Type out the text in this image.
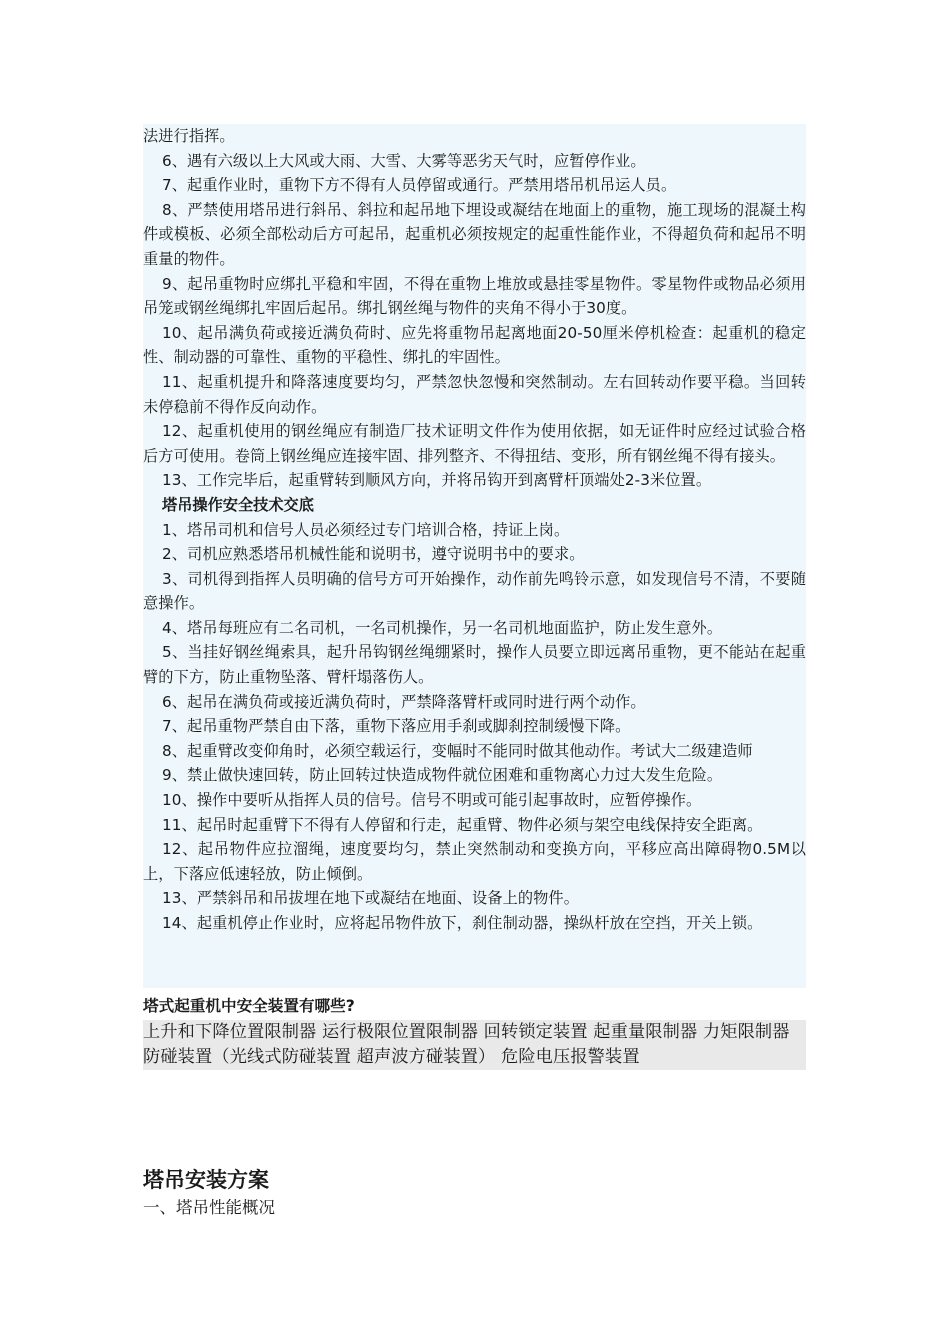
法进行指挥。

6、遇有六级以上大风或大雨、大雪、大雾等恶劣天气时，应暂停作业。

7、起重作业时，重物下方不得有人员停留或通行。严禁用塔吊机吊运人员。

8、严禁使用塔吊进行斜吊、斜拉和起吊地下埋设或凝结在地面上的重物，施工现场的混凝土构件或模板、必须全部松动后方可起吊，起重机必须按规定的起重性能作业，不得超负荷和起吊不明重量的物件。

9、起吊重物时应绑扎平稳和牢固，不得在重物上堆放或悬挂零星物件。零星物件或物品必须用吊笼或钢丝绳绑扎牢固后起吊。绑扎钢丝绳与物件的夹角不得小于30度。

10、起吊满负荷或接近满负荷时、应先将重物吊起离地面20-50厘米停机检查：起重机的稳定性、制动器的可靠性、重物的平稳性、绑扎的牢固性。

11、起重机提升和降落速度要均匀，严禁忽快忽慢和突然制动。左右回转动作要平稳。当回转未停稳前不得作反向动作。

12、起重机使用的钢丝绳应有制造厂技术证明文件作为使用依据，如无证件时应经过试验合格后方可使用。卷筒上钢丝绳应连接牢固、排列整齐、不得扭结、变形，所有钢丝绳不得有接头。

13、工作完毕后，起重臂转到顺风方向，并将吊钩开到离臂杆顶端处2-3米位置。

塔吊操作安全技术交底

1、塔吊司机和信号人员必须经过专门培训合格，持证上岗。

2、司机应熟悉塔吊机械性能和说明书，遵守说明书中的要求。

3、司机得到指挥人员明确的信号方可开始操作，动作前先鸣铃示意，如发现信号不清，不要随意操作。

4、塔吊每班应有二名司机，一名司机操作，另一名司机地面监护，防止发生意外。

5、当挂好钢丝绳索具，起升吊钩钢丝绳绷紧时，操作人员要立即远离吊重物，更不能站在起重臂的下方，防止重物坠落、臂杆塌落伤人。

6、起吊在满负荷或接近满负荷时，严禁降落臂杆或同时进行两个动作。

7、起吊重物严禁自由下落，重物下落应用手刹或脚刹控制缓慢下降。

8、起重臂改变仰角时，必须空载运行，变幅时不能同时做其他动作。考试大二级建造师

9、禁止做快速回转，防止回转过快造成物件就位困难和重物离心力过大发生危险。

10、操作中要听从指挥人员的信号。信号不明或可能引起事故时，应暂停操作。

11、起吊时起重臂下不得有人停留和行走，起重臂、物件必须与架空电线保持安全距离。

12、起吊物件应拉溜绳，速度要均匀，禁止突然制动和变换方向，平移应高出障碍物0.5M以上，下落应低速轻放，防止倾倒。

13、严禁斜吊和吊拔埋在地下或凝结在地面、设备上的物件。

14、起重机停止作业时，应将起吊物件放下，刹住制动器，操纵杆放在空挡，开关上锁。

塔式起重机中安全装置有哪些?

上升和下降位置限制器 运行极限位置限制器 回转锁定装置 起重量限制器 力矩限制器 防碰装置（光线式防碰装置 超声波方碰装置） 危险电压报警装置

塔吊安装方案
一、塔吊性能概况
